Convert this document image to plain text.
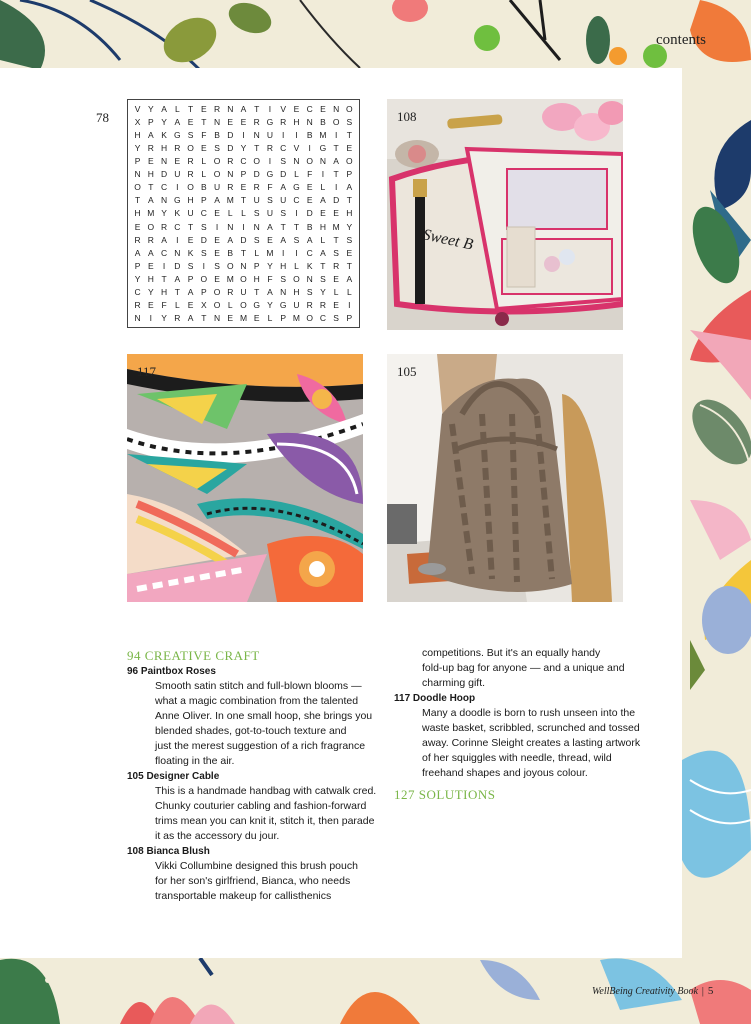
contents
78
V Y A L T E R N A T	I	V E C E N O
X P Y A E T N E E R G R H N B O S
H A K G S F B D	I	N U	I	I	B M	I	T
Y R H R O E S D Y T R C V	I	G T E
P E N E R L O R C O	I	S N O N A O
N H D U R L O N P D G D L F	I	T P
O T C	I	O B U R E R F A G E L	I	A
T A N G H P A M T U S U C E A D T
H M Y K U C E L	L S U S	I	D E E H
E O R C T S	I	N	I	N A T T B H M Y
R R A	I	E D E A D S E A S A L T S
A A C N K S E B T L M	I	I	C A S E
P E	I	D S	I	S O N P Y H L K T R T
Y H T A P O E M O H F S O N S E A
C Y H T A P O R U T A N H S Y L	L
R E F L E X O L O G Y G U R R E	I
N	I	Y R A T N E M E L P M O C S P
Sweet B
108
117	105
94 CREATIVE CRAFT
96 Paintbox Roses
Smooth satin stitch and full-blown blooms —
what a magic combination from the talented
Anne Oliver. In one small hoop, she brings you
blended shades, got-to-touch texture and
just the merest suggestion of a rich fragrance
floating in the air.
105 Designer Cable
This is a handmade handbag with catwalk cred.
Chunky couturier cabling and fashion-forward
trims mean you can knit it, stitch it, then parade
it as the accessory du jour.
108 Bianca Blush
Vikki Collumbine designed this brush pouch
for her son's girlfriend, Bianca, who needs
transportable makeup for callisthenics
competitions. But it's an equally handy
fold-up bag for anyone — and a unique and
charming gift.
117 Doodle Hoop
Many a doodle is born to rush unseen into the
waste basket, scribbled, scrunched and tossed
away. Corinne Sleight creates a lasting artwork
of her squiggles with needle, thread, wild
freehand shapes and joyous colour.
127 SOLUTIONS
WellBeing Creativity Book | 5
